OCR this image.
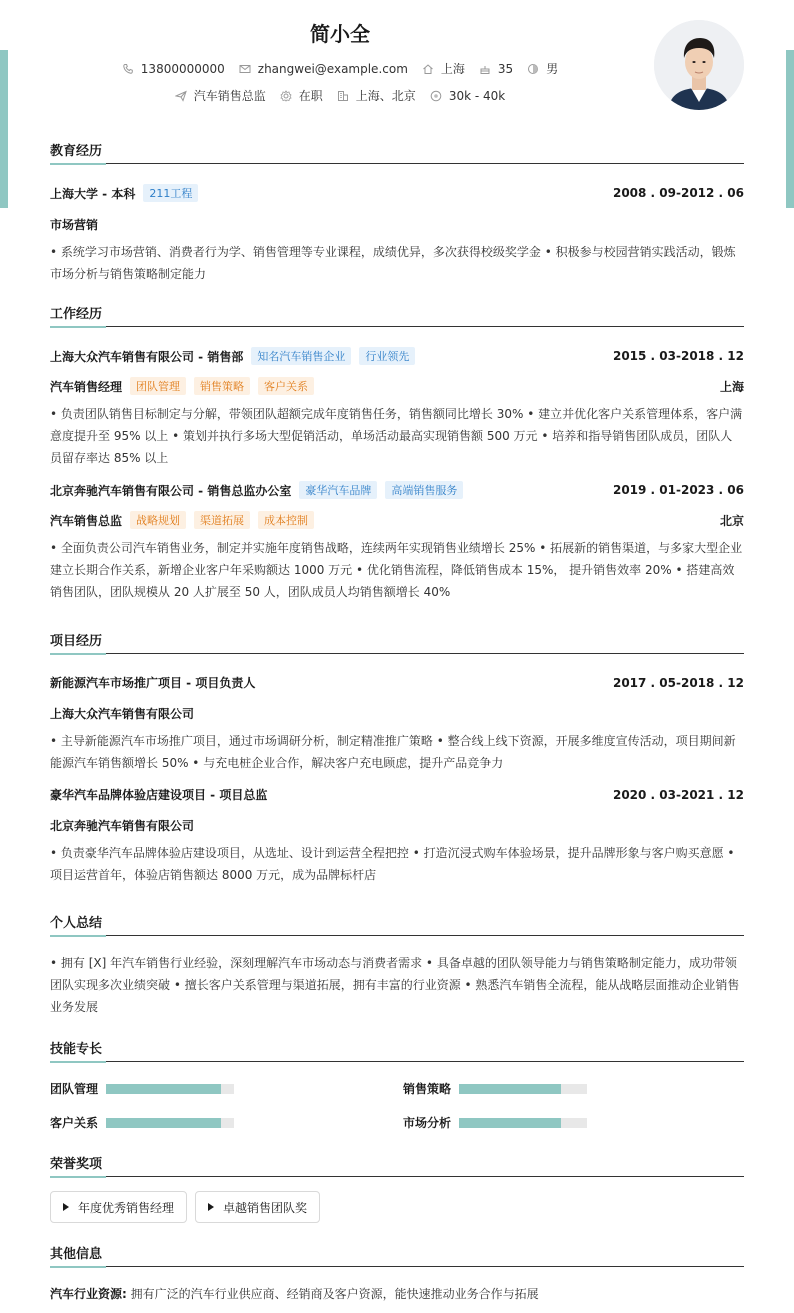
简小全
13800000000	zhangwei@example.com	上海	35	男
汽车销售总监	在职	上海、北京	30k - 40k
教育经历
上海大学 - 本科	211工程	2008 . 09-2012 . 06
市场营销
• 系统学习市场营销、消费者行为学、销售管理等专业课程，成绩优异，多次获得校级奖学金 • 积极参与校园营销实践活动，锻炼市场分析与销售策略制定能力
工作经历
上海大众汽车销售有限公司 - 销售部	知名汽车销售企业	行业领先	2015 . 03-2018 . 12
汽车销售经理	团队管理	销售策略	客户关系	上海
• 负责团队销售目标制定与分解，带领团队超额完成年度销售任务，销售额同比增长 30% • 建立并优化客户关系管理体系，客户满意度提升至 95% 以上 • 策划并执行多场大型促销活动，单场活动最高实现销售额 500 万元 • 培养和指导销售团队成员，团队人员留存率达 85% 以上
北京奔驰汽车销售有限公司 - 销售总监办公室	豪华汽车品牌	高端销售服务	2019 . 01-2023 . 06
汽车销售总监	战略规划	渠道拓展	成本控制	北京
• 全面负责公司汽车销售业务，制定并实施年度销售战略，连续两年实现销售业绩增长 25% • 拓展新的销售渠道，与多家大型企业建立长期合作关系，新增企业客户年采购额达 1000 万元 • 优化销售流程，降低销售成本 15%， 提升销售效率 20% • 搭建高效销售团队，团队规模从 20 人扩展至 50 人，团队成员人均销售额增长 40%
项目经历
新能源汽车市场推广项目 - 项目负责人	2017 . 05-2018 . 12
上海大众汽车销售有限公司
• 主导新能源汽车市场推广项目，通过市场调研分析，制定精准推广策略 • 整合线上线下资源，开展多维度宣传活动，项目期间新能源汽车销售额增长 50% • 与充电桩企业合作，解决客户充电顾虑，提升产品竞争力
豪华汽车品牌体验店建设项目 - 项目总监	2020 . 03-2021 . 12
北京奔驰汽车销售有限公司
• 负责豪华汽车品牌体验店建设项目，从选址、设计到运营全程把控 • 打造沉浸式购车体验场景，提升品牌形象与客户购买意愿 • 项目运营首年，体验店销售额达 8000 万元，成为品牌标杆店
个人总结
• 拥有 [X] 年汽车销售行业经验，深刻理解汽车市场动态与消费者需求 • 具备卓越的团队领导能力与销售策略制定能力，成功带领团队实现多次业绩突破 • 擅长客户关系管理与渠道拓展，拥有丰富的行业资源 • 熟悉汽车销售全流程，能从战略层面推动企业销售业务发展
技能专长
团队管理	销售策略
客户关系	市场分析
荣誉奖项
年度优秀销售经理	卓越销售团队奖
其他信息
汽车行业资源: 拥有广泛的汽车行业供应商、经销商及客户资源，能快速推动业务合作与拓展
